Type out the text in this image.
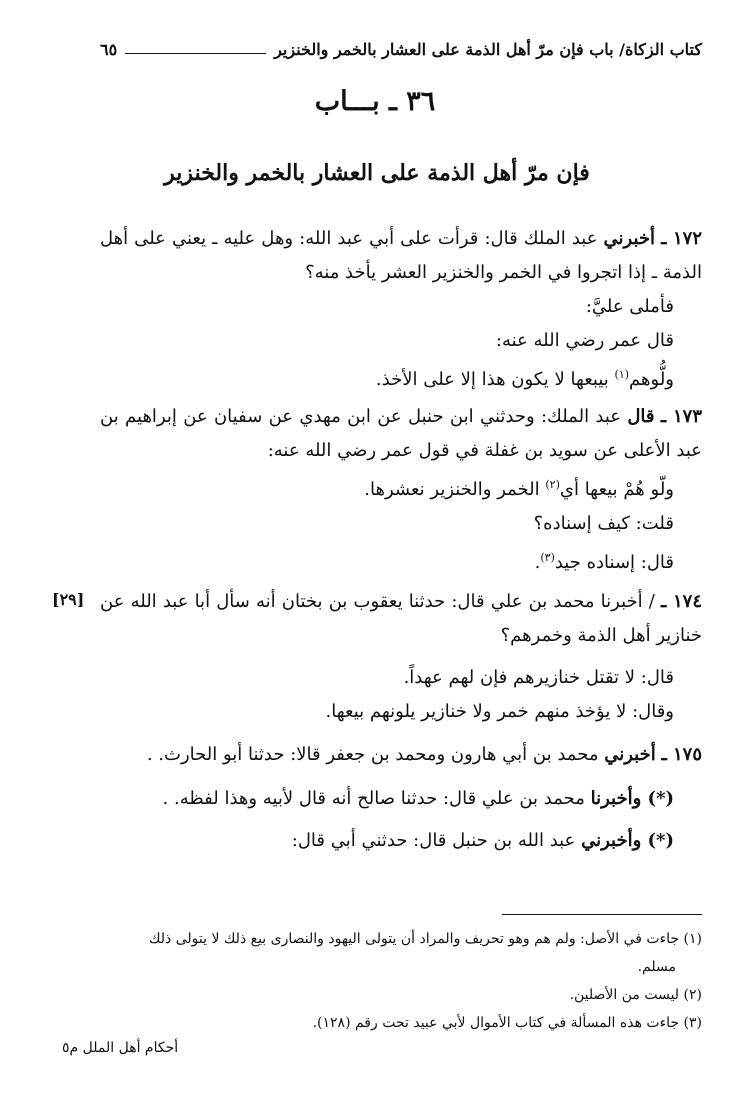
كتاب الزكاة/ باب فإن مرّ أهل الذمة على العشار بالخمر والخنزير
٦٥
٣٦ ـ بـــاب
فإن مرّ أهل الذمة على العشار بالخمر والخنزير
١٧٢ ـ أخبرني عبد الملك قال: قرأت على أبي عبد الله: وهل عليه ـ يعني على أهل الذمة ـ إذا اتجروا في الخمر والخنزير العشر يأخذ منه؟
فأملى عليَّ:
قال عمر رضي الله عنه:
ولُّوهم$^{(١)}$ بيبعها لا يكون هذا إلا على الأخذ.
١٧٣ ـ قال عبد الملك: وحدثني ابن حنبل عن ابن مهدي عن سفيان عن إبراهيم بن عبد الأعلى عن سويد بن غفلة في قول عمر رضي الله عنه:
ولّو هُمْ بيعها أي$^{(٢)}$ الخمر والخنزير نعشرها.
قلت: كيف إسناده؟
قال: إسناده جيد$^{(٣)}$.
[٢٩]	١٧٤ ـ / أخبرنا محمد بن علي قال: حدثنا يعقوب بن بختان أنه سأل أبا عبد الله عن خنازير أهل الذمة وخمرهم؟
قال: لا تقتل خنازيرهم فإن لهم عهداً.
وقال: لا يؤخذ منهم خمر ولا خنازير يلونهم بيعها.
١٧٥ ـ أخبرني محمد بن أبي هارون ومحمد بن جعفر قالا: حدثنا أبو الحارث. .
(*) وأخبرنا محمد بن علي قال: حدثنا صالح أنه قال لأبيه وهذا لفظه. .
(*) وأخبرني عبد الله بن حنبل قال: حدثني أبي قال:
(١) جاءت في الأصل: ولم هم وهو تحريف والمراد أن يتولى اليهود والنصارى بيع ذلك لا يتولى ذلك
مسلم.
(٢) ليست من الأصلين.
(٣) جاءت هذه المسألة في كتاب الأموال لأبي عبيد تحت رقم (١٢٨).
أحكام أهل الملل م٥
